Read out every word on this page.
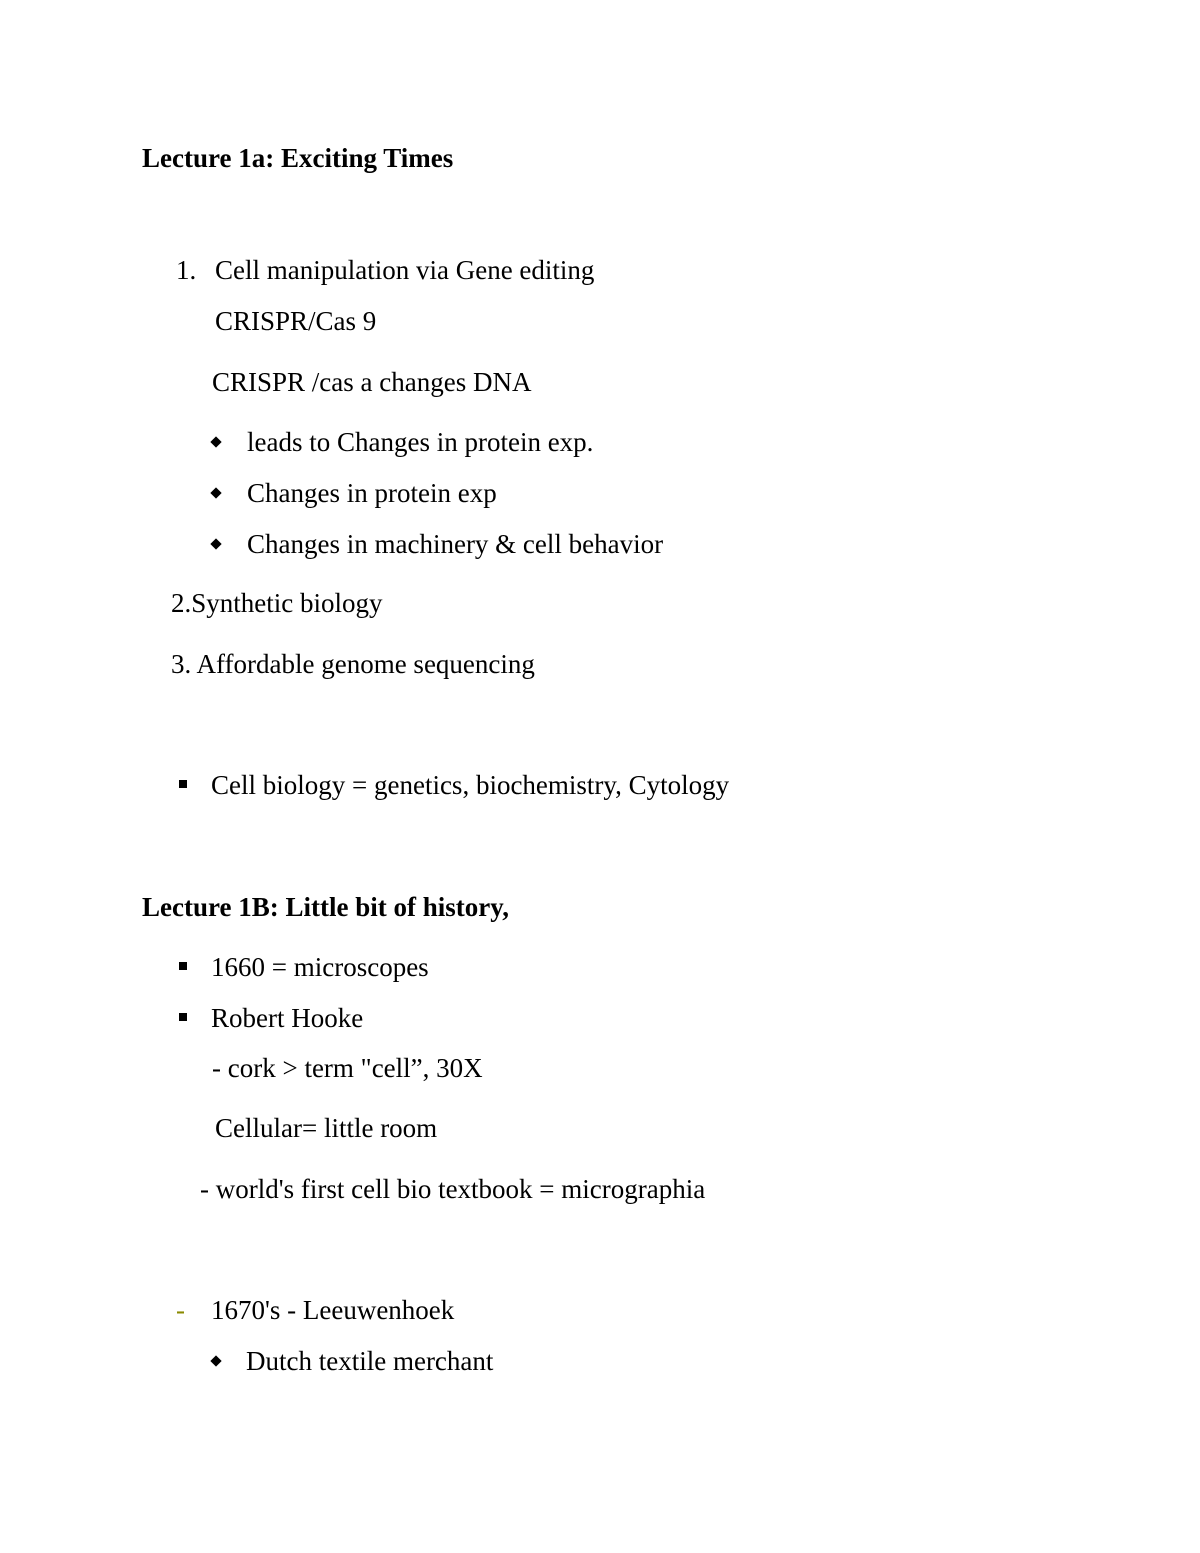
Lecture 1a: Exciting Times
1. Cell manipulation via Gene editing
CRISPR/Cas 9
CRISPR /cas a changes DNA
leads to Changes in protein exp.
Changes in protein exp
Changes in machinery & cell behavior
2.Synthetic biology
3. Affordable genome sequencing
Cell biology = genetics, biochemistry, Cytology
Lecture 1B: Little bit of history,
1660 = microscopes
Robert Hooke
- cork > term "cell”, 30X
Cellular= little room
- world's first cell bio textbook = micrographia
- 1670's - Leeuwenhoek
Dutch textile merchant
